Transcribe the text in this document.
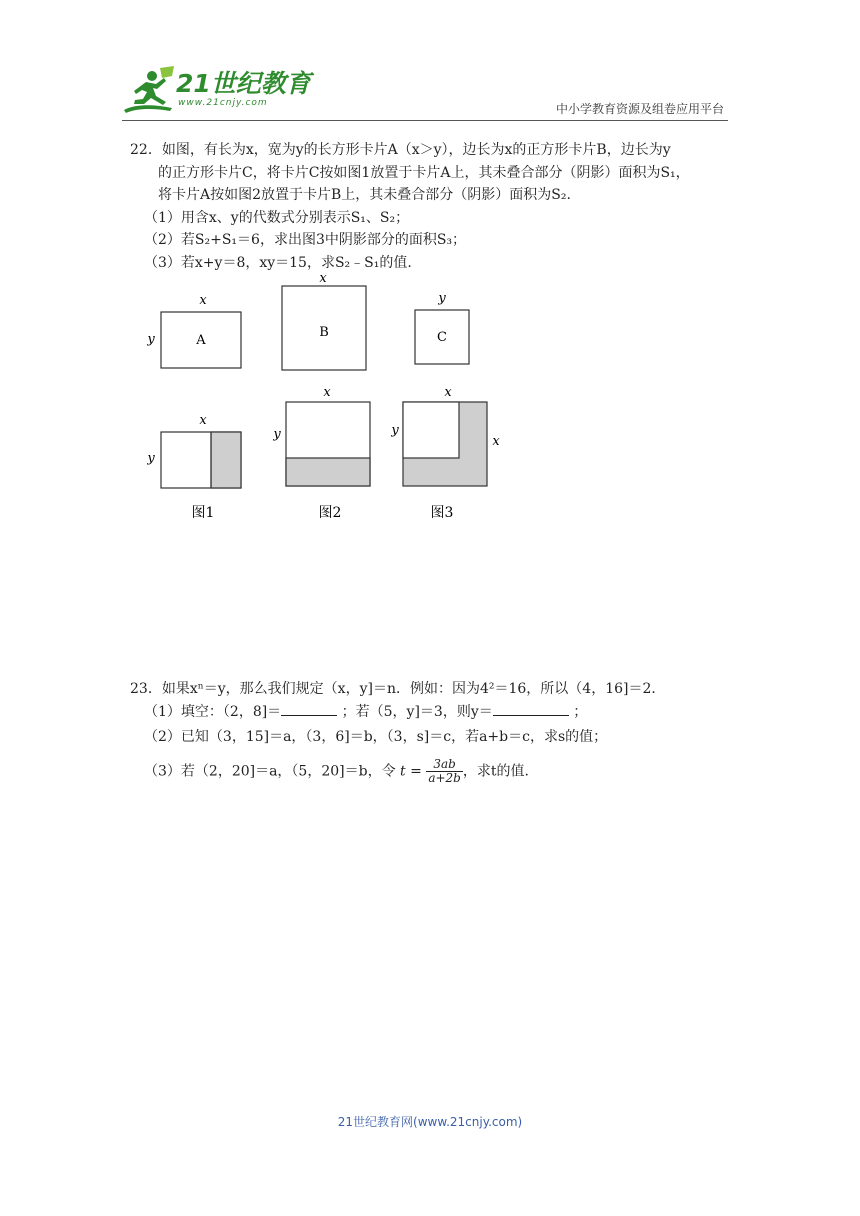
21世纪教育
www.21cnjy.com	中小学教育资源及组卷应用平台

22．如图，有长为x，宽为y的长方形卡片A（x＞y），边长为x的正方形卡片B，边长为y

的正方形卡片C，将卡片C按如图1放置于卡片A上，其未叠合部分（阴影）面积为S₁，

将卡片A按如图2放置于卡片B上，其未叠合部分（阴影）面积为S₂.

（1）用含x、y的代数式分别表示S₁、S₂；

（2）若S₂+S₁＝6，求出图3中阴影部分的面积S₃；

（3）若x+y＝8，xy＝15，求S₂﹣S₁的值.

A
x
y	B
x
C
y
x
y
图1
x
y
图2
x
y
x
图3

23．如果xⁿ＝y，那么我们规定（x，y]＝n．例如：因为4²＝16，所以（4，16]＝2．

（1）填空：（2，8]＝	；若（5，y]＝3，则y＝	；

（2）已知（3，15]＝a，（3，6]＝b，（3，s]＝c，若a+b＝c，求s的值；

（3）若（2，20]＝a，（5，20]＝b，令 $t = \frac{3ab}{a+2b}$ ，求t的值.

21世纪教育网(www.21cnjy.com)
